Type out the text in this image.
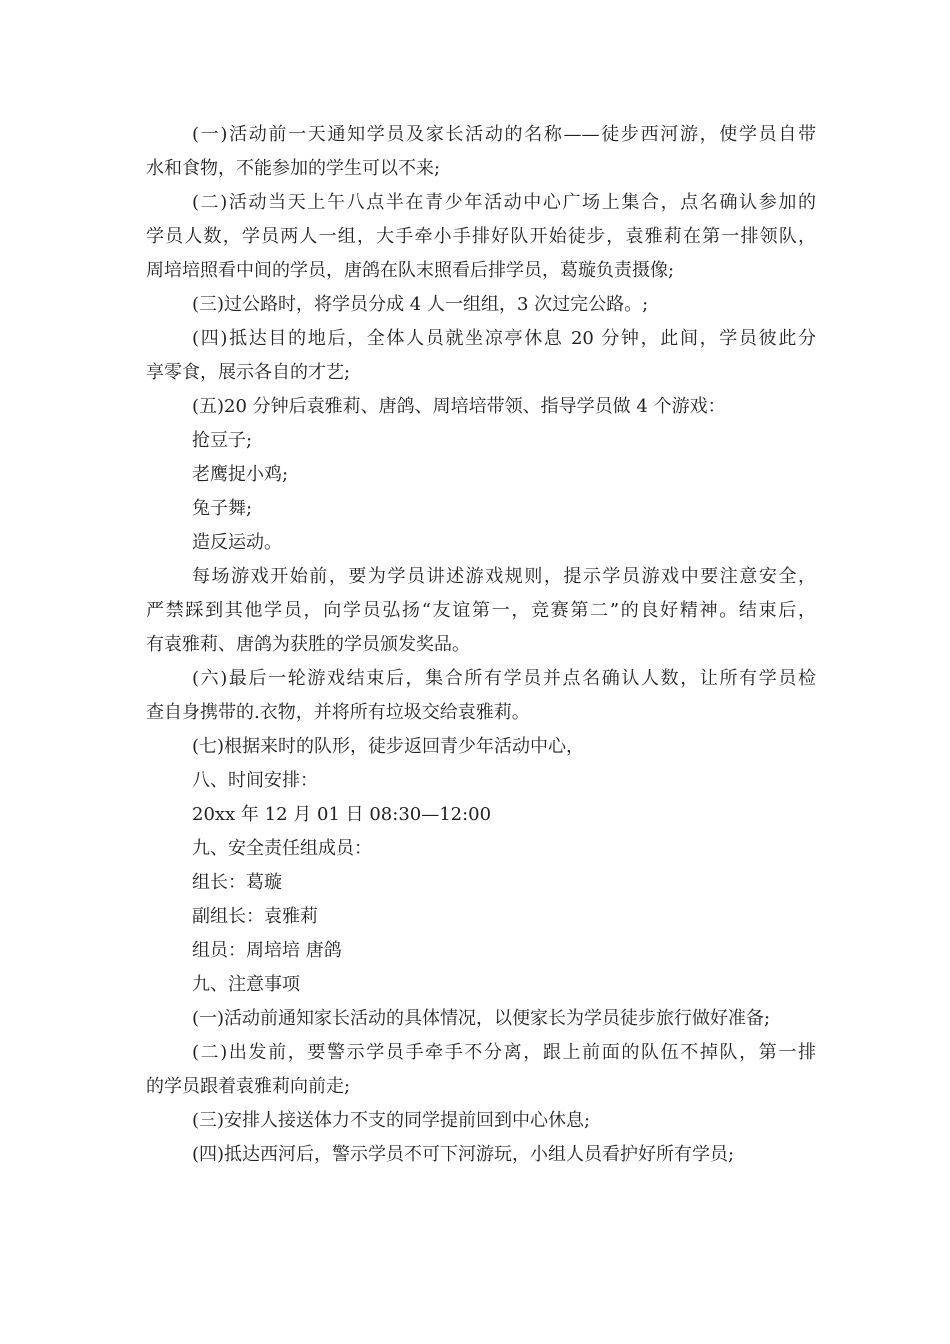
(一)活动前一天通知学员及家长活动的名称——徒步西河游，使学员自带
水和食物，不能参加的学生可以不来;
(二)活动当天上午八点半在青少年活动中心广场上集合，点名确认参加的
学员人数，学员两人一组，大手牵小手排好队开始徒步，袁雅莉在第一排领队，
周培培照看中间的学员，唐鸽在队末照看后排学员，葛璇负责摄像;
(三)过公路时，将学员分成 4 人一组组，3 次过完公路。;
(四)抵达目的地后，全体人员就坐凉亭休息 20 分钟，此间，学员彼此分
享零食，展示各自的才艺;
(五)20 分钟后袁雅莉、唐鸽、周培培带领、指导学员做 4 个游戏：
抢豆子;
老鹰捉小鸡;
兔子舞;
造反运动。
每场游戏开始前，要为学员讲述游戏规则，提示学员游戏中要注意安全，
严禁踩到其他学员，向学员弘扬“友谊第一，竞赛第二”的良好精神。结束后，
有袁雅莉、唐鸽为获胜的学员颁发奖品。
(六)最后一轮游戏结束后，集合所有学员并点名确认人数，让所有学员检
查自身携带的.衣物，并将所有垃圾交给袁雅莉。
(七)根据来时的队形，徒步返回青少年活动中心，
八、时间安排：
20xx 年 12 月 01 日 08:30—12:00
九、安全责任组成员：
组长：葛璇
副组长：袁雅莉
组员：周培培 唐鸽
九、注意事项
(一)活动前通知家长活动的具体情况，以便家长为学员徒步旅行做好准备;
(二)出发前，要警示学员手牵手不分离，跟上前面的队伍不掉队，第一排
的学员跟着袁雅莉向前走;
(三)安排人接送体力不支的同学提前回到中心休息;
(四)抵达西河后，警示学员不可下河游玩，小组人员看护好所有学员;
